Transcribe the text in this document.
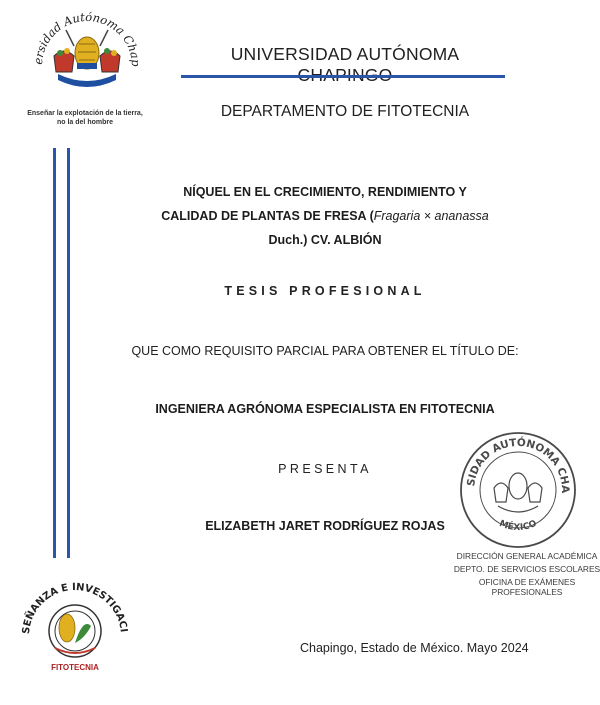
Universidad Autónoma Chapingo
Enseñar la explotación de la tierra,
no la del hombre
UNIVERSIDAD AUTÓNOMA
DEPARTAMENTO DE FITOTECNIA
NÍQUEL EN EL CRECIMIENTO, RENDIMIENTO Y
CALIDAD DE PLANTAS DE FRESA (Fragaria × ananassa
Duch.) CV. ALBIÓN
TESIS PROFESIONAL
QUE COMO REQUISITO PARCIAL PARA OBTENER EL TÍTULO DE:
INGENIERA AGRÓNOMA ESPECIALISTA EN FITOTECNIA
PRESENTA
ELIZABETH JARET RODRÍGUEZ ROJAS
UNIVERSIDAD AUTÓNOMA CHAPINGO
MÉXICO
DIRECCIÓN GENERAL ACADÉMICA
DEPTO. DE SERVICIOS ESCOLARES
OFICINA DE EXÁMENES PROFESIONALES
ENSEÑANZA E INVESTIGACIÓN
FITOTECNIA
Chapingo, Estado de México. Mayo 2024
